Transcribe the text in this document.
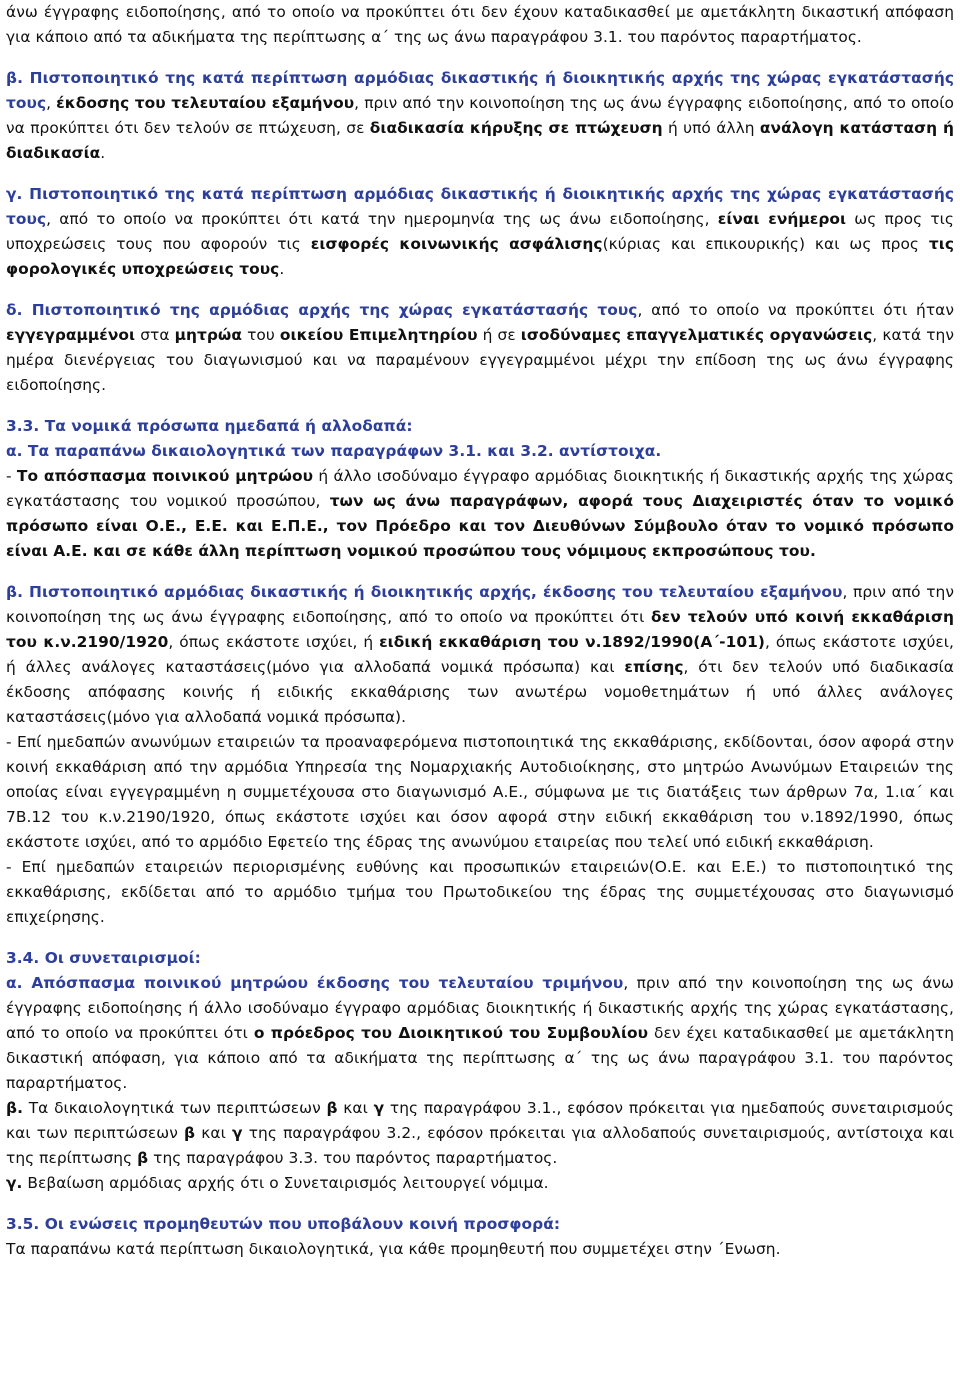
άνω έγγραφης ειδοποίησης, από το οποίο να προκύπτει ότι δεν έχουν καταδικασθεί με αμετάκλητη δικαστική απόφαση για κάποιο από τα αδικήματα της περίπτωσης α΄ της ως άνω παραγράφου 3.1. του παρόντος παραρτήματος.

β. Πιστοποιητικό της κατά περίπτωση αρμόδιας δικαστικής ή διοικητικής αρχής της χώρας εγκατάστασής τους, έκδοσης του τελευταίου εξαμήνου, πριν από την κοινοποίηση της ως άνω έγγραφης ειδοποίησης, από το οποίο να προκύπτει ότι δεν τελούν σε πτώχευση, σε διαδικασία κήρυξης σε πτώχευση ή υπό άλλη ανάλογη κατάσταση ή διαδικασία.

γ. Πιστοποιητικό της κατά περίπτωση αρμόδιας δικαστικής ή διοικητικής αρχής της χώρας εγκατάστασής τους, από το οποίο να προκύπτει ότι κατά την ημερομηνία της ως άνω ειδοποίησης, είναι ενήμεροι ως προς τις υποχρεώσεις τους που αφορούν τις εισφορές κοινωνικής ασφάλισης(κύριας και επικουρικής) και ως προς τις φορολογικές υποχρεώσεις τους.

δ. Πιστοποιητικό της αρμόδιας αρχής της χώρας εγκατάστασής τους, από το οποίο να προκύπτει ότι ήταν εγγεγραμμένοι στα μητρώα του οικείου Επιμελητηρίου ή σε ισοδύναμες επαγγελματικές οργανώσεις, κατά την ημέρα διενέργειας του διαγωνισμού και να παραμένουν εγγεγραμμένοι μέχρι την επίδοση της ως άνω έγγραφης ειδοποίησης.

3.3. Τα νομικά πρόσωπα ημεδαπά ή αλλοδαπά:

α. Τα παραπάνω δικαιολογητικά των παραγράφων 3.1. και 3.2. αντίστοιχα.

- Το απόσπασμα ποινικού μητρώου ή άλλο ισοδύναμο έγγραφο αρμόδιας διοικητικής ή δικαστικής αρχής της χώρας εγκατάστασης του νομικού προσώπου, των ως άνω παραγράφων, αφορά τους Διαχειριστές όταν το νομικό πρόσωπο είναι Ο.Ε., Ε.Ε. και Ε.Π.Ε., τον Πρόεδρο και τον Διευθύνων Σύμβουλο όταν το νομικό πρόσωπο είναι Α.Ε. και σε κάθε άλλη περίπτωση νομικού προσώπου τους νόμιμους εκπροσώπους του.

β. Πιστοποιητικό αρμόδιας δικαστικής ή διοικητικής αρχής, έκδοσης του τελευταίου εξαμήνου, πριν από την κοινοποίηση της ως άνω έγγραφης ειδοποίησης, από το οποίο να προκύπτει ότι δεν τελούν υπό κοινή εκκαθάριση του κ.ν.2190/1920, όπως εκάστοτε ισχύει, ή ειδική εκκαθάριση του ν.1892/1990(Α΄-101), όπως εκάστοτε ισχύει, ή άλλες ανάλογες καταστάσεις(μόνο για αλλοδαπά νομικά πρόσωπα) και επίσης, ότι δεν τελούν υπό διαδικασία έκδοσης απόφασης κοινής ή ειδικής εκκαθάρισης των ανωτέρω νομοθετημάτων ή υπό άλλες ανάλογες καταστάσεις(μόνο για αλλοδαπά νομικά πρόσωπα).

- Επί ημεδαπών ανωνύμων εταιρειών τα προαναφερόμενα πιστοποιητικά της εκκαθάρισης, εκδίδονται, όσον αφορά στην κοινή εκκαθάριση από την αρμόδια Υπηρεσία της Νομαρχιακής Αυτοδιοίκησης, στο μητρώο Ανωνύμων Εταιρειών της οποίας είναι εγγεγραμμένη η συμμετέχουσα στο διαγωνισμό Α.Ε., σύμφωνα με τις διατάξεις των άρθρων 7α, 1.ια΄ και 7Β.12 του κ.ν.2190/1920, όπως εκάστοτε ισχύει και όσον αφορά στην ειδική εκκαθάριση του ν.1892/1990, όπως εκάστοτε ισχύει, από το αρμόδιο Εφετείο της έδρας της ανωνύμου εταιρείας που τελεί υπό ειδική εκκαθάριση.

- Επί ημεδαπών εταιρειών περιορισμένης ευθύνης και προσωπικών εταιρειών(Ο.Ε. και Ε.Ε.) το πιστοποιητικό της εκκαθάρισης, εκδίδεται από το αρμόδιο τμήμα του Πρωτοδικείου της έδρας της συμμετέχουσας στο διαγωνισμό επιχείρησης.

3.4. Οι συνεταιρισμοί:

α. Απόσπασμα ποινικού μητρώου έκδοσης του τελευταίου τριμήνου, πριν από την κοινοποίηση της ως άνω έγγραφης ειδοποίησης ή άλλο ισοδύναμο έγγραφο αρμόδιας διοικητικής ή δικαστικής αρχής της χώρας εγκατάστασης, από το οποίο να προκύπτει ότι ο πρόεδρος του Διοικητικού του Συμβουλίου δεν έχει καταδικασθεί με αμετάκλητη δικαστική απόφαση, για κάποιο από τα αδικήματα της περίπτωσης α΄ της ως άνω παραγράφου 3.1. του παρόντος παραρτήματος.

β. Τα δικαιολογητικά των περιπτώσεων β και γ της παραγράφου 3.1., εφόσον πρόκειται για ημεδαπούς συνεταιρισμούς και των περιπτώσεων β και γ της παραγράφου 3.2., εφόσον πρόκειται για αλλοδαπούς συνεταιρισμούς, αντίστοιχα και της περίπτωσης β της παραγράφου 3.3. του παρόντος παραρτήματος.

γ. Βεβαίωση αρμόδιας αρχής ότι ο Συνεταιρισμός λειτουργεί νόμιμα.

3.5. Οι ενώσεις προμηθευτών που υποβάλουν κοινή προσφορά:

Τα παραπάνω κατά περίπτωση δικαιολογητικά, για κάθε προμηθευτή που συμμετέχει στην ΄Ενωση.
